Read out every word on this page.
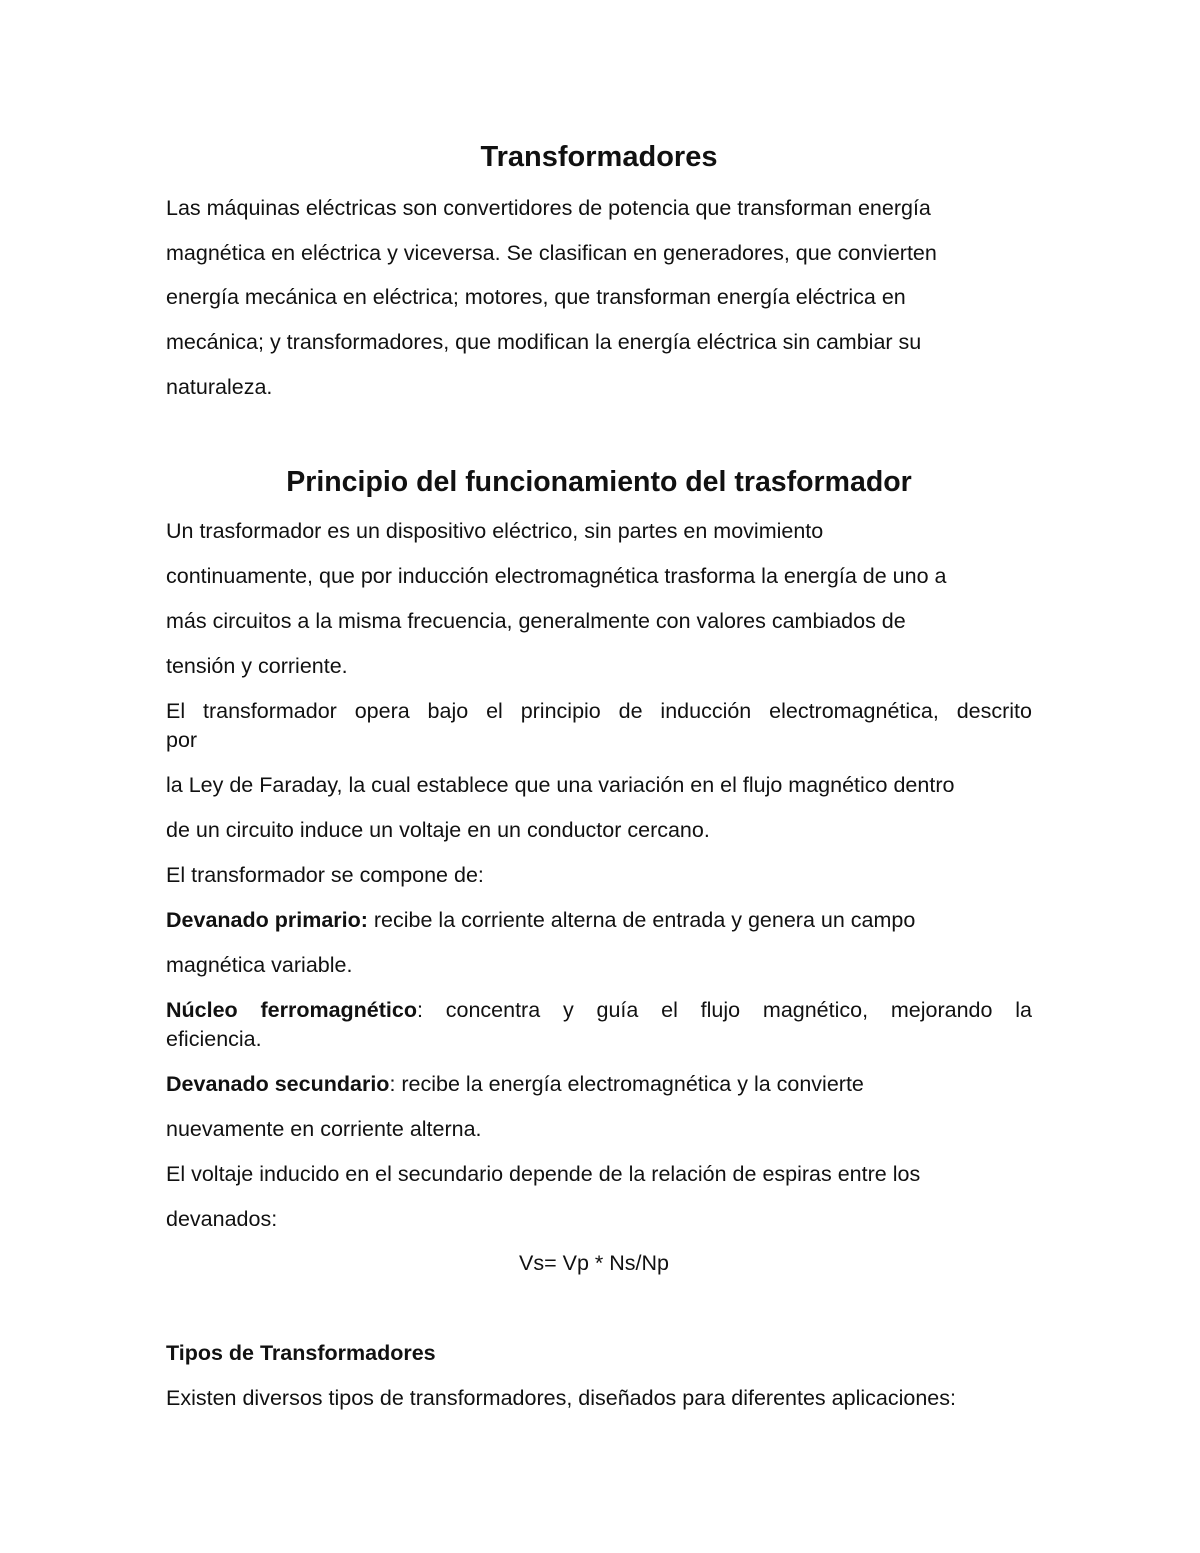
Transformadores

Las máquinas eléctricas son convertidores de potencia que transforman energía

magnética en eléctrica y viceversa. Se clasifican en generadores, que convierten

energía mecánica en eléctrica; motores, que transforman energía eléctrica en

mecánica; y transformadores, que modifican la energía eléctrica sin cambiar su

naturaleza.

Principio del funcionamiento del trasformador

Un trasformador es un dispositivo eléctrico, sin partes en movimiento

continuamente, que por inducción electromagnética trasforma la energía de uno a

más circuitos a la misma frecuencia, generalmente con valores cambiados de

tensión y corriente.

El transformador opera bajo el principio de inducción electromagnética, descrito

por

la Ley de Faraday, la cual establece que una variación en el flujo magnético dentro

de un circuito induce un voltaje en un conductor cercano.

El transformador se compone de:

Devanado primario: recibe la corriente alterna de entrada y genera un campo

magnética variable.

Núcleo ferromagnético: concentra y guía el flujo magnético, mejorando la

eficiencia.

Devanado secundario: recibe la energía electromagnética y la convierte

nuevamente en corriente alterna.

El voltaje inducido en el secundario depende de la relación de espiras entre los

devanados:

Vs= Vp * Ns/Np

Tipos de Transformadores

Existen diversos tipos de transformadores, diseñados para diferentes aplicaciones:
